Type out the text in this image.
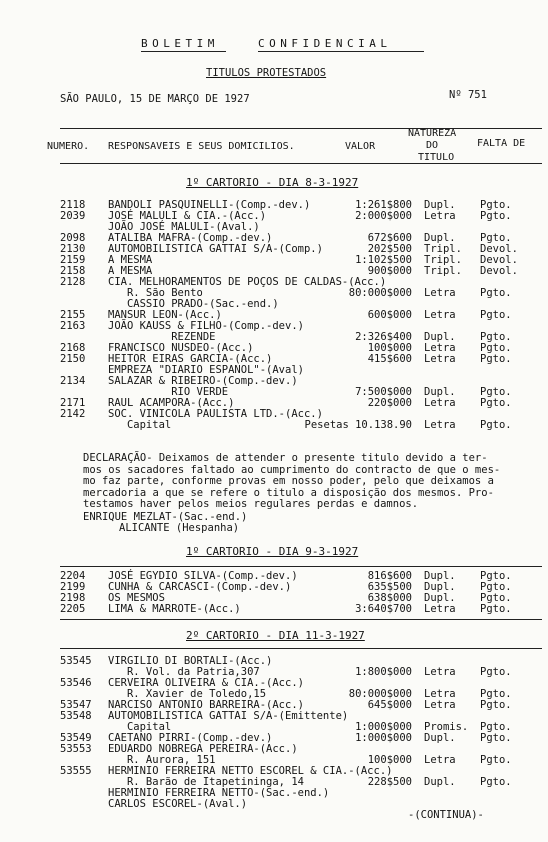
BOLETIM	CONFIDENCIAL
TITULOS PROTESTADOS
SÃO PAULO, 15 DE MARÇO DE 1927	Nº 751
NUMERO. RESPONSAVEIS E SEUS DOMICILIOS.	VALOR
NATUREZA
DO
TITULO
FALTA DE
1º CARTORIO - DIA 8-3-1927
2118 BANDOLI PASQUINELLI-(Comp.-dev.)	1:261$800 Dupl. Pgto.
2039 JOSÉ MALULI & CIA.-(Acc.)	2:000$000 Letra Pgto.
JOÃO JOSÉ MALULI-(Aval.)
2098 ATALIBA MAFRA-(Comp.-dev.)	672$600 Dupl. Pgto.
2130 AUTOMOBILISTICA GATTAI S/A-(Comp.)	202$500 Tripl. Devol.
2159 A MESMA	1:102$500 Tripl. Devol.
2158 A MESMA	900$000 Tripl. Devol.
2128 CIA. MELHORAMENTOS DE POÇOS DE CALDAS-(Acc.)
R. São Bento	80:000$000 Letra Pgto.
CASSIO PRADO-(Sac.-end.)
2155 MANSUR LEON-(Acc.)	600$000 Letra Pgto.
2163 JOÃO KAUSS & FILHO-(Comp.-dev.)
REZENDE	2:326$400 Dupl. Pgto.
2168 FRANCISCO NUSDEO-(Acc.)	100$000 Letra Pgto.
2150 HEITOR EIRAS GARCIA-(Acc.)	415$600 Letra Pgto.
EMPREZA "DIARIO ESPANOL"-(Aval)
2134 SALAZAR & RIBEIRO-(Comp.-dev.)
RIO VERDE	7:500$000 Dupl. Pgto.
2171 RAUL ACAMPORA-(Acc.)	220$000 Letra Pgto.
2142 SOC. VINICOLA PAULISTA LTD.-(Acc.)
Capital	Pesetas 10.138.90 Letra Pgto.
DECLARAÇÃO- Deixamos de attender o presente titulo devido a ter-
mos os sacadores faltado ao cumprimento do contracto de que o mes-
mo faz parte, conforme provas em nosso poder, pelo que deixamos a
mercadoria a que se refere o titulo a disposição dos mesmos. Pro-
testamos haver pelos meios regulares perdas e damnos.
ENRIQUE MEZLAT-(Sac.-end.)
ALICANTE (Hespanha)
1º CARTORIO - DIA 9-3-1927
2204 JOSÉ EGYDIO SILVA-(Comp.-dev.)	816$600 Dupl. Pgto.
2199 CUNHA & CARCASCI-(Comp.-dev.)	635$500 Dupl. Pgto.
2198 OS MESMOS	638$000 Dupl. Pgto.
2205 LIMA & MARROTE-(Acc.)	3:640$700 Letra Pgto.
2º CARTORIO - DIA 11-3-1927
53545 VIRGILIO DI BORTALI-(Acc.)
R. Vol. da Patria,307	1:800$000 Letra Pgto.
53546 CERVEIRA OLIVEIRA & CIA.-(Acc.)
R. Xavier de Toledo,15	80:000$000 Letra Pgto.
53547 NARCISO ANTONIO BARREIRA-(Acc.)	645$000 Letra Pgto.
53548 AUTOMOBILISTICA GATTAI S/A-(Emittente)
Capital	1:000$000 Promis. Pgto.
53549 CAETANO PIRRI-(Comp.-dev.)	1:000$000 Dupl. Pgto.
53553 EDUARDO NOBREGA PEREIRA-(Acc.)
R. Aurora, 151	100$000 Letra Pgto.
53555 HERMINIO FERREIRA NETTO ESCOREL & CIA.-(Acc.)
R. Barão de Itapetininga, 14	228$500 Dupl. Pgto.
HERMINIO FERREIRA NETTO-(Sac.-end.)
CARLOS ESCOREL-(Aval.)
-(CONTINUA)-
